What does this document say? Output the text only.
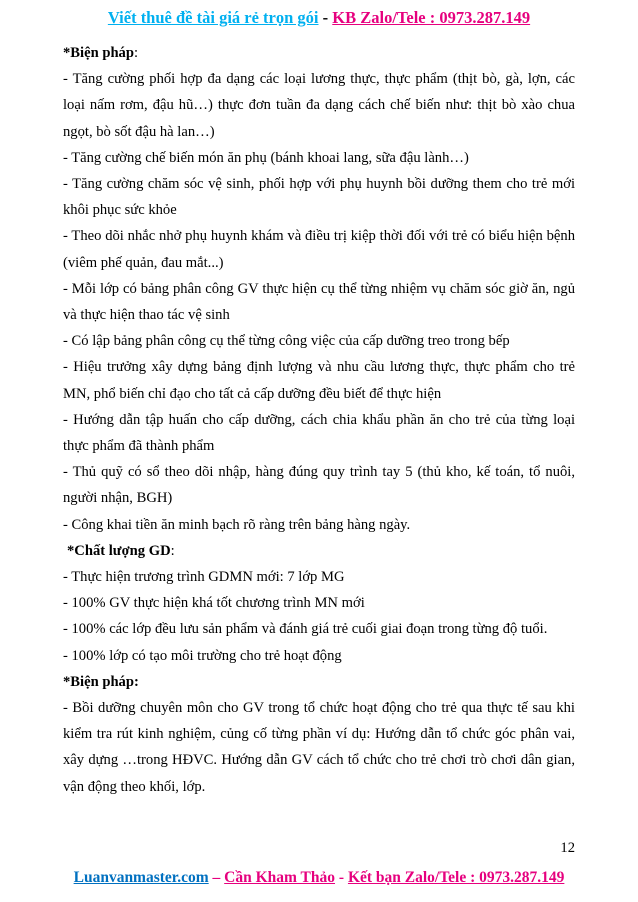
Viết thuê đề tài giá rẻ trọn gói - KB Zalo/Tele : 0973.287.149

*Biện pháp:

- Tăng cường phối hợp đa dạng các loại lương thực, thực phẩm (thịt bò, gà, lợn, các loại nấm rơm, đậu hũ…) thực đơn tuần đa dạng cách chế biến như: thịt bò xào chua ngọt, bò sốt đậu hà lan…)

- Tăng cường chế biến món ăn phụ (bánh khoai lang, sữa đậu lành…)

- Tăng cường chăm sóc vệ sinh, phối hợp với phụ huynh bồi dưỡng them cho trẻ mới khôi phục sức khỏe

- Theo dõi nhắc nhở phụ huynh khám và điều trị kiệp thời đối với trẻ có biểu hiện bệnh (viêm phế quản, đau mắt...)

- Mỗi lớp có bảng phân công GV thực hiện cụ thể từng nhiệm vụ chăm sóc giờ ăn, ngủ và thực hiện thao tác vệ sinh

- Có lập bảng phân công cụ thể từng công việc của cấp dưỡng treo trong bếp

- Hiệu trưởng xây dựng bảng định lượng và nhu cầu lương thực, thực phẩm cho trẻ MN, phổ biến chỉ đạo cho tất cả cấp dưỡng đều biết để thực hiện

- Hướng dẫn tập huấn cho cấp dưỡng, cách chia khẩu phần ăn cho trẻ của từng loại thực phẩm đã thành phẩm

- Thủ quỹ có sổ theo dõi nhập, hàng đúng quy trình tay 5 (thủ kho, kế toán, tổ nuôi, người nhận, BGH)

- Công khai tiền ăn minh bạch rõ ràng trên bảng hàng ngày.

*Chất lượng GD:

- Thực hiện trương trình GDMN mới: 7 lớp MG

- 100% GV thực hiện khá tốt chương trình MN mới

- 100% các lớp đều lưu sản phẩm và đánh giá trẻ cuối giai đoạn trong từng độ tuổi.

- 100% lớp có tạo môi trường cho trẻ hoạt động

*Biện pháp:

- Bồi dưỡng chuyên môn cho GV trong tổ chức hoạt động cho trẻ qua thực tế sau khi kiểm tra rút kinh nghiệm, củng cố từng phần ví dụ: Hướng dẫn tổ chức góc phân vai, xây dựng …trong HĐVC. Hướng dẫn GV cách tổ chức cho trẻ chơi trò chơi dân gian, vận động theo khối, lớp.

12
Luanvanmaster.com – Cần Kham Thảo - Kết bạn Zalo/Tele : 0973.287.149
